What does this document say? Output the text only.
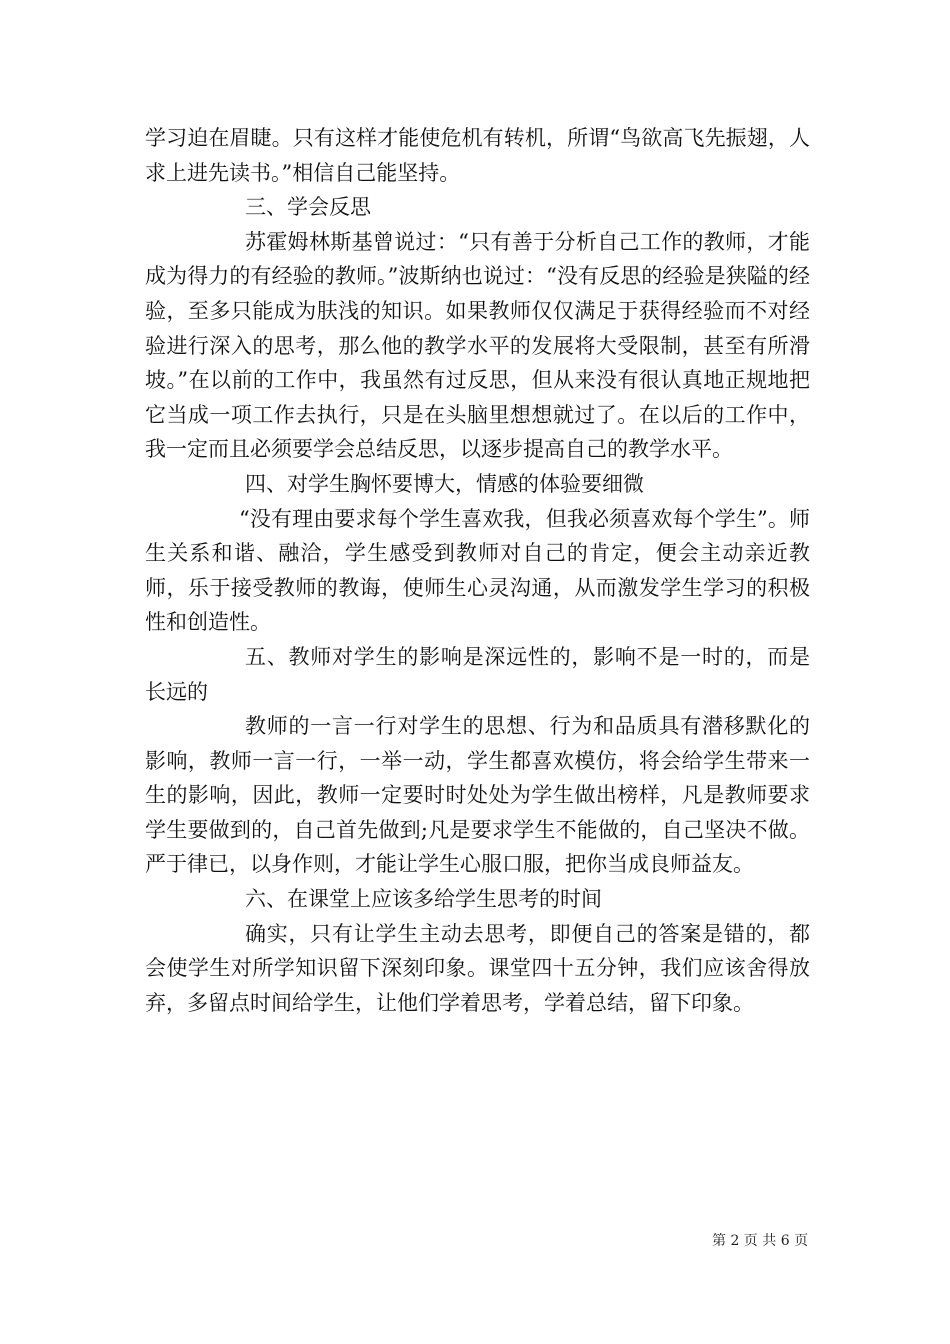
学习迫在眉睫。只有这样才能使危机有转机，所谓“鸟欲高飞先振翅，人求上进先读书。”相信自己能坚持。

三、学会反思

苏霍姆林斯基曾说过：“只有善于分析自己工作的教师，才能成为得力的有经验的教师。”波斯纳也说过：“没有反思的经验是狭隘的经验，至多只能成为肤浅的知识。如果教师仅仅满足于获得经验而不对经验进行深入的思考，那么他的教学水平的发展将大受限制，甚至有所滑坡。”在以前的工作中，我虽然有过反思，但从来没有很认真地正规地把它当成一项工作去执行，只是在头脑里想想就过了。在以后的工作中，我一定而且必须要学会总结反思，以逐步提高自己的教学水平。

四、对学生胸怀要博大，情感的体验要细微

“没有理由要求每个学生喜欢我，但我必须喜欢每个学生”。师生关系和谐、融洽，学生感受到教师对自己的肯定，便会主动亲近教师，乐于接受教师的教诲，使师生心灵沟通，从而激发学生学习的积极性和创造性。

五、教师对学生的影响是深远性的，影响不是一时的，而是长远的

教师的一言一行对学生的思想、行为和品质具有潜移默化的影响，教师一言一行，一举一动，学生都喜欢模仿，将会给学生带来一生的影响，因此，教师一定要时时处处为学生做出榜样，凡是教师要求学生要做到的，自己首先做到;凡是要求学生不能做的，自己坚决不做。严于律已，以身作则，才能让学生心服口服，把你当成良师益友。

六、在课堂上应该多给学生思考的时间

确实，只有让学生主动去思考，即便自己的答案是错的，都会使学生对所学知识留下深刻印象。课堂四十五分钟，我们应该舍得放弃，多留点时间给学生，让他们学着思考，学着总结，留下印象。

第 2 页 共 6 页
